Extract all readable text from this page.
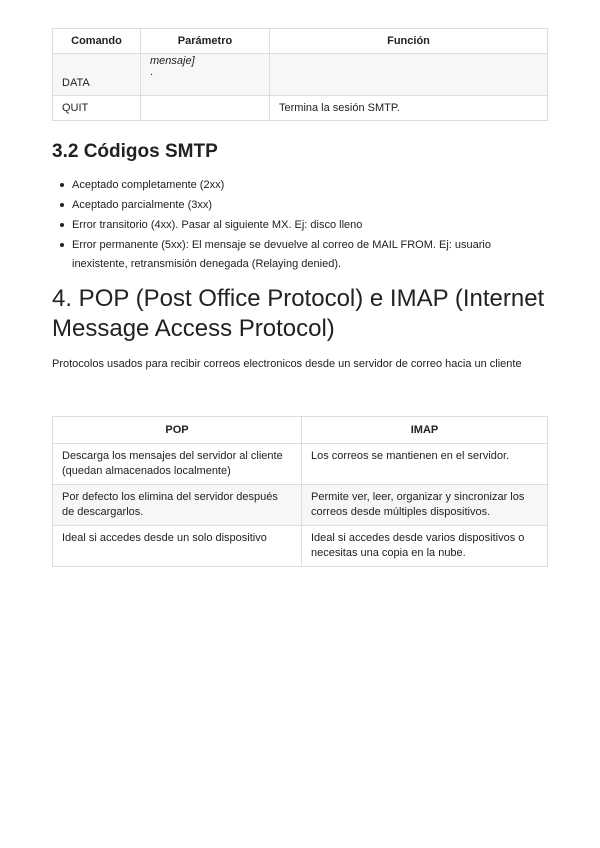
Comando	Parámetro	Función
DATA	mensaje]
.	

QUIT		Termina la sesión SMTP.
3.2 Códigos SMTP
Aceptado completamente (2xx)
Aceptado parcialmente (3xx)
Error transitorio (4xx). Pasar al siguiente MX. Ej: disco lleno
Error permanente (5xx): El mensaje se devuelve al correo de MAIL FROM. Ej: usuario inexistente, retransmisión denegada (Relaying denied).
4. POP (Post Office Protocol) e IMAP (Internet Message Access Protocol)

Protocolos usados para recibir correos electronicos desde un servidor de correo hacia un cliente

POP	IMAP
Descarga los mensajes del servidor al cliente (quedan almacenados localmente)	Los correos se mantienen en el servidor.
Por defecto los elimina del servidor después de descargarlos.	Permite ver, leer, organizar y sincronizar los correos desde múltiples dispositivos.
Ideal si accedes desde un solo dispositivo	Ideal si accedes desde varios dispositivos o necesitas una copia en la nube.
